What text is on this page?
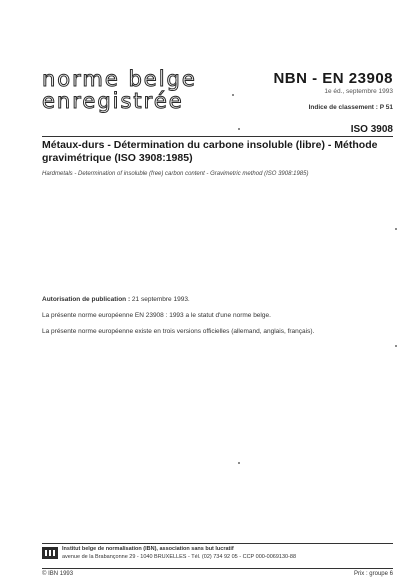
norme belge
enregistrée
NBN - EN 23908
1e éd., septembre 1993
Indice de classement : P 51
ISO 3908
Métaux-durs - Détermination du carbone insoluble (libre) - Méthode gravimétrique (ISO 3908:1985)
Hardmetals - Determination of insoluble (free) carbon content - Gravimetric method (ISO 3908:1985)
Autorisation de publication : 21 septembre 1993.
La présente norme européenne EN 23908 : 1993 a le statut d'une norme belge.
La présente norme européenne existe en trois versions officielles (allemand, anglais, français).
Institut belge de normalisation (IBN), association sans but lucratif
avenue de la Brabançonne 29 - 1040 BRUXELLES - Tél. (02) 734 92 05 - CCP 000-0069130-88
© IBN 1993	Prix : groupe 6
